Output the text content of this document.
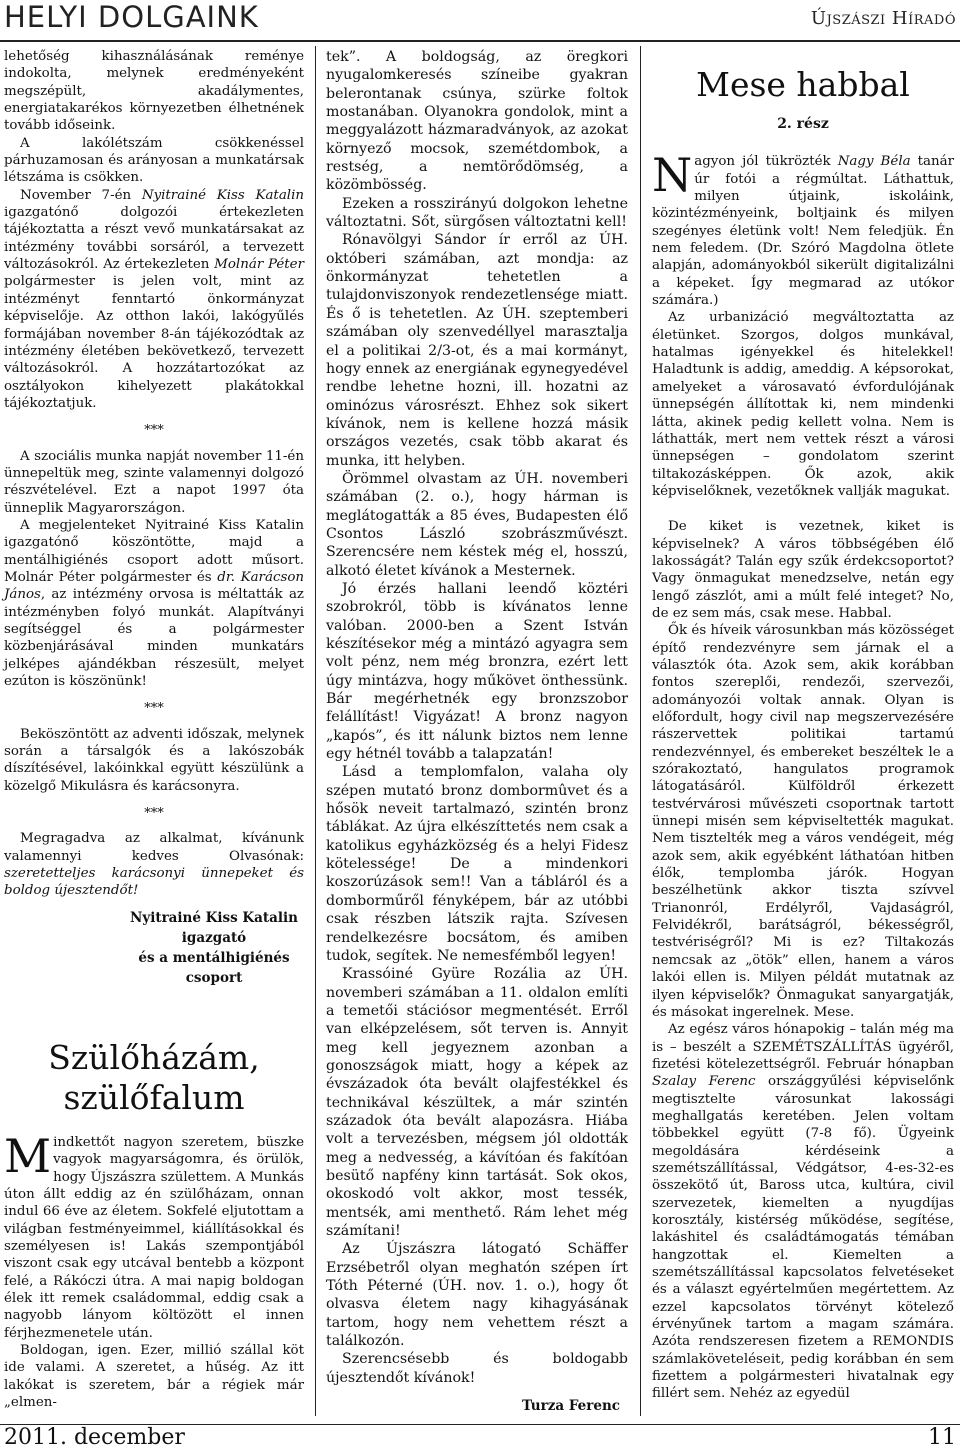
HELYI DOLGAINK	Újszászi Híradó

lehetőség kihasználásának reménye indokolta, melynek eredményeként megszépült, akadálymentes, energiatakarékos környezetben élhetnének tovább időseink.

A lakólétszám csökkenéssel párhuzamosan és arányosan a munkatársak létszáma is csökken.

November 7-én Nyitrainé Kiss Katalin igazgatónő dolgozói értekezleten tájékoztatta a részt vevő munkatársakat az intézmény további sorsáról, a tervezett változásokról. Az értekezleten Molnár Péter polgármester is jelen volt, mint az intézményt fenntartó önkormányzat képviselője. Az otthon lakói, lakógyűlés formájában november 8-án tájékozódtak az intézmény életében bekövetkező, tervezett változásokról. A hozzátartozókat az osztályokon kihelyezett plakátokkal tájékoztatjuk.

***

A szociális munka napját november 11-én ünnepeltük meg, szinte valamennyi dolgozó részvételével. Ezt a napot 1997 óta ünneplik Magyarországon.

A megjelenteket Nyitrainé Kiss Katalin igazgatónő köszöntötte, majd a mentálhigiénés csoport adott műsort. Molnár Péter polgármester és dr. Karácson János, az intézmény orvosa is méltatták az intézményben folyó munkát. Alapítványi segítséggel és a polgármester közbenjárásával minden munkatárs jelképes ajándékban részesült, melyet ezúton is köszönünk!

***

Beköszöntött az adventi időszak, melynek során a társalgók és a lakószobák díszítésével, lakóinkkal együtt készülünk a közelgő Mikulásra és karácsonyra.

***

Megragadva az alkalmat, kívánunk valamennyi kedves Olvasónak: szeretetteljes karácsonyi ünnepeket és boldog újesztendőt!

Nyitrainé Kiss Katalin
igazgató
és a mentálhigiénés csoport
Szülőházám, szülőfalum

Mindkettőt nagyon szeretem, büszke vagyok magyarságomra, és örülök, hogy Újszászra születtem. A Munkás úton állt eddig az én szülőházam, onnan indul 66 éve az életem. Sokfelé eljutottam a világban festményeimmel, kiállításokkal és személyesen is! Lakás szempontjából viszont csak egy utcával bentebb a központ felé, a Rákóczi útra. A mai napig boldogan élek itt remek családommal, eddig csak a nagyobb lányom költözött el innen férjhezmenetele után.

Boldogan, igen. Ezer, millió szállal köt ide valami. A szeretet, a hűség. Az itt lakókat is szeretem, bár a régiek már „elmen-

tek”. A boldogság, az öregkori nyugalomkeresés színeibe gyakran belerontanak csúnya, szürke foltok mostanában. Olyanokra gondolok, mint a meggyalázott házmaradványok, az azokat környező mocsok, szemétdombok, a restség, a nemtörődömség, a közömbösség.

Ezeken a rosszirányú dolgokon lehetne változtatni. Sőt, sürgősen változtatni kell!

Rónavölgyi Sándor ír erről az ÚH. októberi számában, azt mondja: az önkormányzat tehetetlen a tulajdonviszonyok rendezetlensége miatt. És ő is tehetetlen. Az ÚH. szeptemberi számában oly szenvedéllyel marasztalja el a politikai 2/3-ot, és a mai kormányt, hogy ennek az energiának egynegyedével rendbe lehetne hozni, ill. hozatni az ominózus városrészt. Ehhez sok sikert kívánok, nem is kellene hozzá másik országos vezetés, csak több akarat és munka, itt helyben.

Örömmel olvastam az ÚH. novemberi számában (2. o.), hogy hárman is meglátogatták a 85 éves, Budapesten élő Csontos László szobrászművészt. Szerencsére nem késtek még el, hosszú, alkotó életet kívánok a Mesternek.

Jó érzés hallani leendő köztéri szobrokról, több is kívánatos lenne valóban. 2000-ben a Szent István készítésekor még a mintázó agyagra sem volt pénz, nem még bronzra, ezért lett úgy mintázva, hogy műkövet önthessünk. Bár megérhetnék egy bronzszobor felállítást! Vigyázat! A bronz nagyon „kapós”, és itt nálunk biztos nem lenne egy hétnél tovább a talapzatán!

Lásd a templomfalon, valaha oly szépen mutató bronz dombormûvet és a hősök neveit tartalmazó, szintén bronz táblákat. Az újra elkészíttetés nem csak a katolikus egyházközség és a helyi Fidesz kötelessége! De a mindenkori koszorúzások sem!! Van a tábláról és a domborműről fényképem, bár az utóbbi csak részben látszik rajta. Szívesen rendelkezésre bocsátom, és amiben tudok, segítek. Ne nemesfémből legyen!

Krassóiné Gyüre Rozália az ÚH. novemberi számában a 11. oldalon említi a temetői stációsor megmentését. Erről van elképzelésem, sőt terven is. Annyit meg kell jegyeznem azonban a gonoszságok miatt, hogy a képek az évszázadok óta bevált olajfestékkel és technikával készültek, a már szintén századok óta bevált alapozásra. Hiába volt a tervezésben, mégsem jól oldották meg a nedvesség, a kávítóan és fakítóan besütő napfény kinn tartását. Sok okos, okoskodó volt akkor, most tessék, mentsék, ami menthető. Rám lehet még számítani!

Az Újszászra látogató Schäffer Erzsébetről olyan meghatón szépen írt Tóth Péterné (ÚH. nov. 1. o.), hogy őt olvasva életem nagy kihagyásának tartom, hogy nem vehettem részt a találkozón.

Szerencsésebb és boldogabb újesztendőt kívánok!

Turza Ferenc
Mese habbal
2. rész

Nagyon jól tükrözték Nagy Béla tanár úr fotói a régmúltat. Láthattuk, milyen útjaink, iskoláink, közintézményeink, boltjaink és milyen szegényes életünk volt! Nem feledjük. Én nem feledem. (Dr. Szóró Magdolna ötlete alapján, adományokból sikerült digitalizálni a képeket. Így megmarad az utókor számára.)

Az urbanizáció megváltoztatta az életünket. Szorgos, dolgos munkával, hatalmas igényekkel és hitelekkel! Haladtunk is addig, ameddig. A képsorokat, amelyeket a városavató évfordulójának ünnepségén állítottak ki, nem mindenki látta, akinek pedig kellett volna. Nem is láthatták, mert nem vettek részt a városi ünnepségen – gondolatom szerint tiltakozásképpen. Ők azok, akik képviselőknek, vezetőknek vallják magukat.

De kiket is vezetnek, kiket is képviselnek? A város többségében élő lakosságát? Talán egy szűk érdekcsoportot? Vagy önmagukat menedzselve, netán egy lengő zászlót, ami a múlt felé integet? No, de ez sem más, csak mese. Habbal.

Ők és híveik városunkban más közösséget építő rendezvényre sem járnak el a választók óta. Azok sem, akik korábban fontos szereplői, rendezői, szervezői, adományozói voltak annak. Olyan is előfordult, hogy civil nap megszervezésére rászervettek politikai tartamú rendezvénnyel, és embereket beszéltek le a szórakoztató, hangulatos programok látogatásáról. Külföldről érkezett testvérvárosi művészeti csoportnak tartott ünnepi misén sem képviseltették magukat. Nem tisztelték meg a város vendégeit, még azok sem, akik egyébként láthatóan hitben élők, templomba járók. Hogyan beszélhetünk akkor tiszta szívvel Trianonról, Erdélyről, Vajdaságról, Felvidékről, barátságról, békességről, testvériségről? Mi is ez? Tiltakozás nemcsak az „ötök” ellen, hanem a város lakói ellen is. Milyen példát mutatnak az ilyen képviselők? Önmagukat sanyargatják, és másokat ingerelnek. Mese.

Az egész város hónapokig – talán még ma is – beszélt a SZEMÉTSZÁLLÍTÁS ügyéről, fizetési kötelezettségről. Február hónapban Szalay Ferenc országgyűlési képviselőnk megtisztelte városunkat lakossági meghallgatás keretében. Jelen voltam többekkel együtt (7-8 fő). Ügyeink megoldására kérdéseink a szemétszállítással, Védgátsor, 4-es-32-es összekötő út, Baross utca, kultúra, civil szervezetek, kiemelten a nyugdíjas korosztály, kistérség működése, segítése, lakáshitel és családtámogatás témában hangzottak el. Kiemelten a szemétszállítással kapcsolatos felvetéseket és a választ egyértelműen megértettem. Az ezzel kapcsolatos törvényt kötelező érvényűnek tartom a magam számára. Azóta rendszeresen fizetem a REMONDIS számlaköveteléseit, pedig korábban én sem fizettem a polgármesteri hivatalnak egy fillért sem. Nehéz az egyedül

2011. december	11
